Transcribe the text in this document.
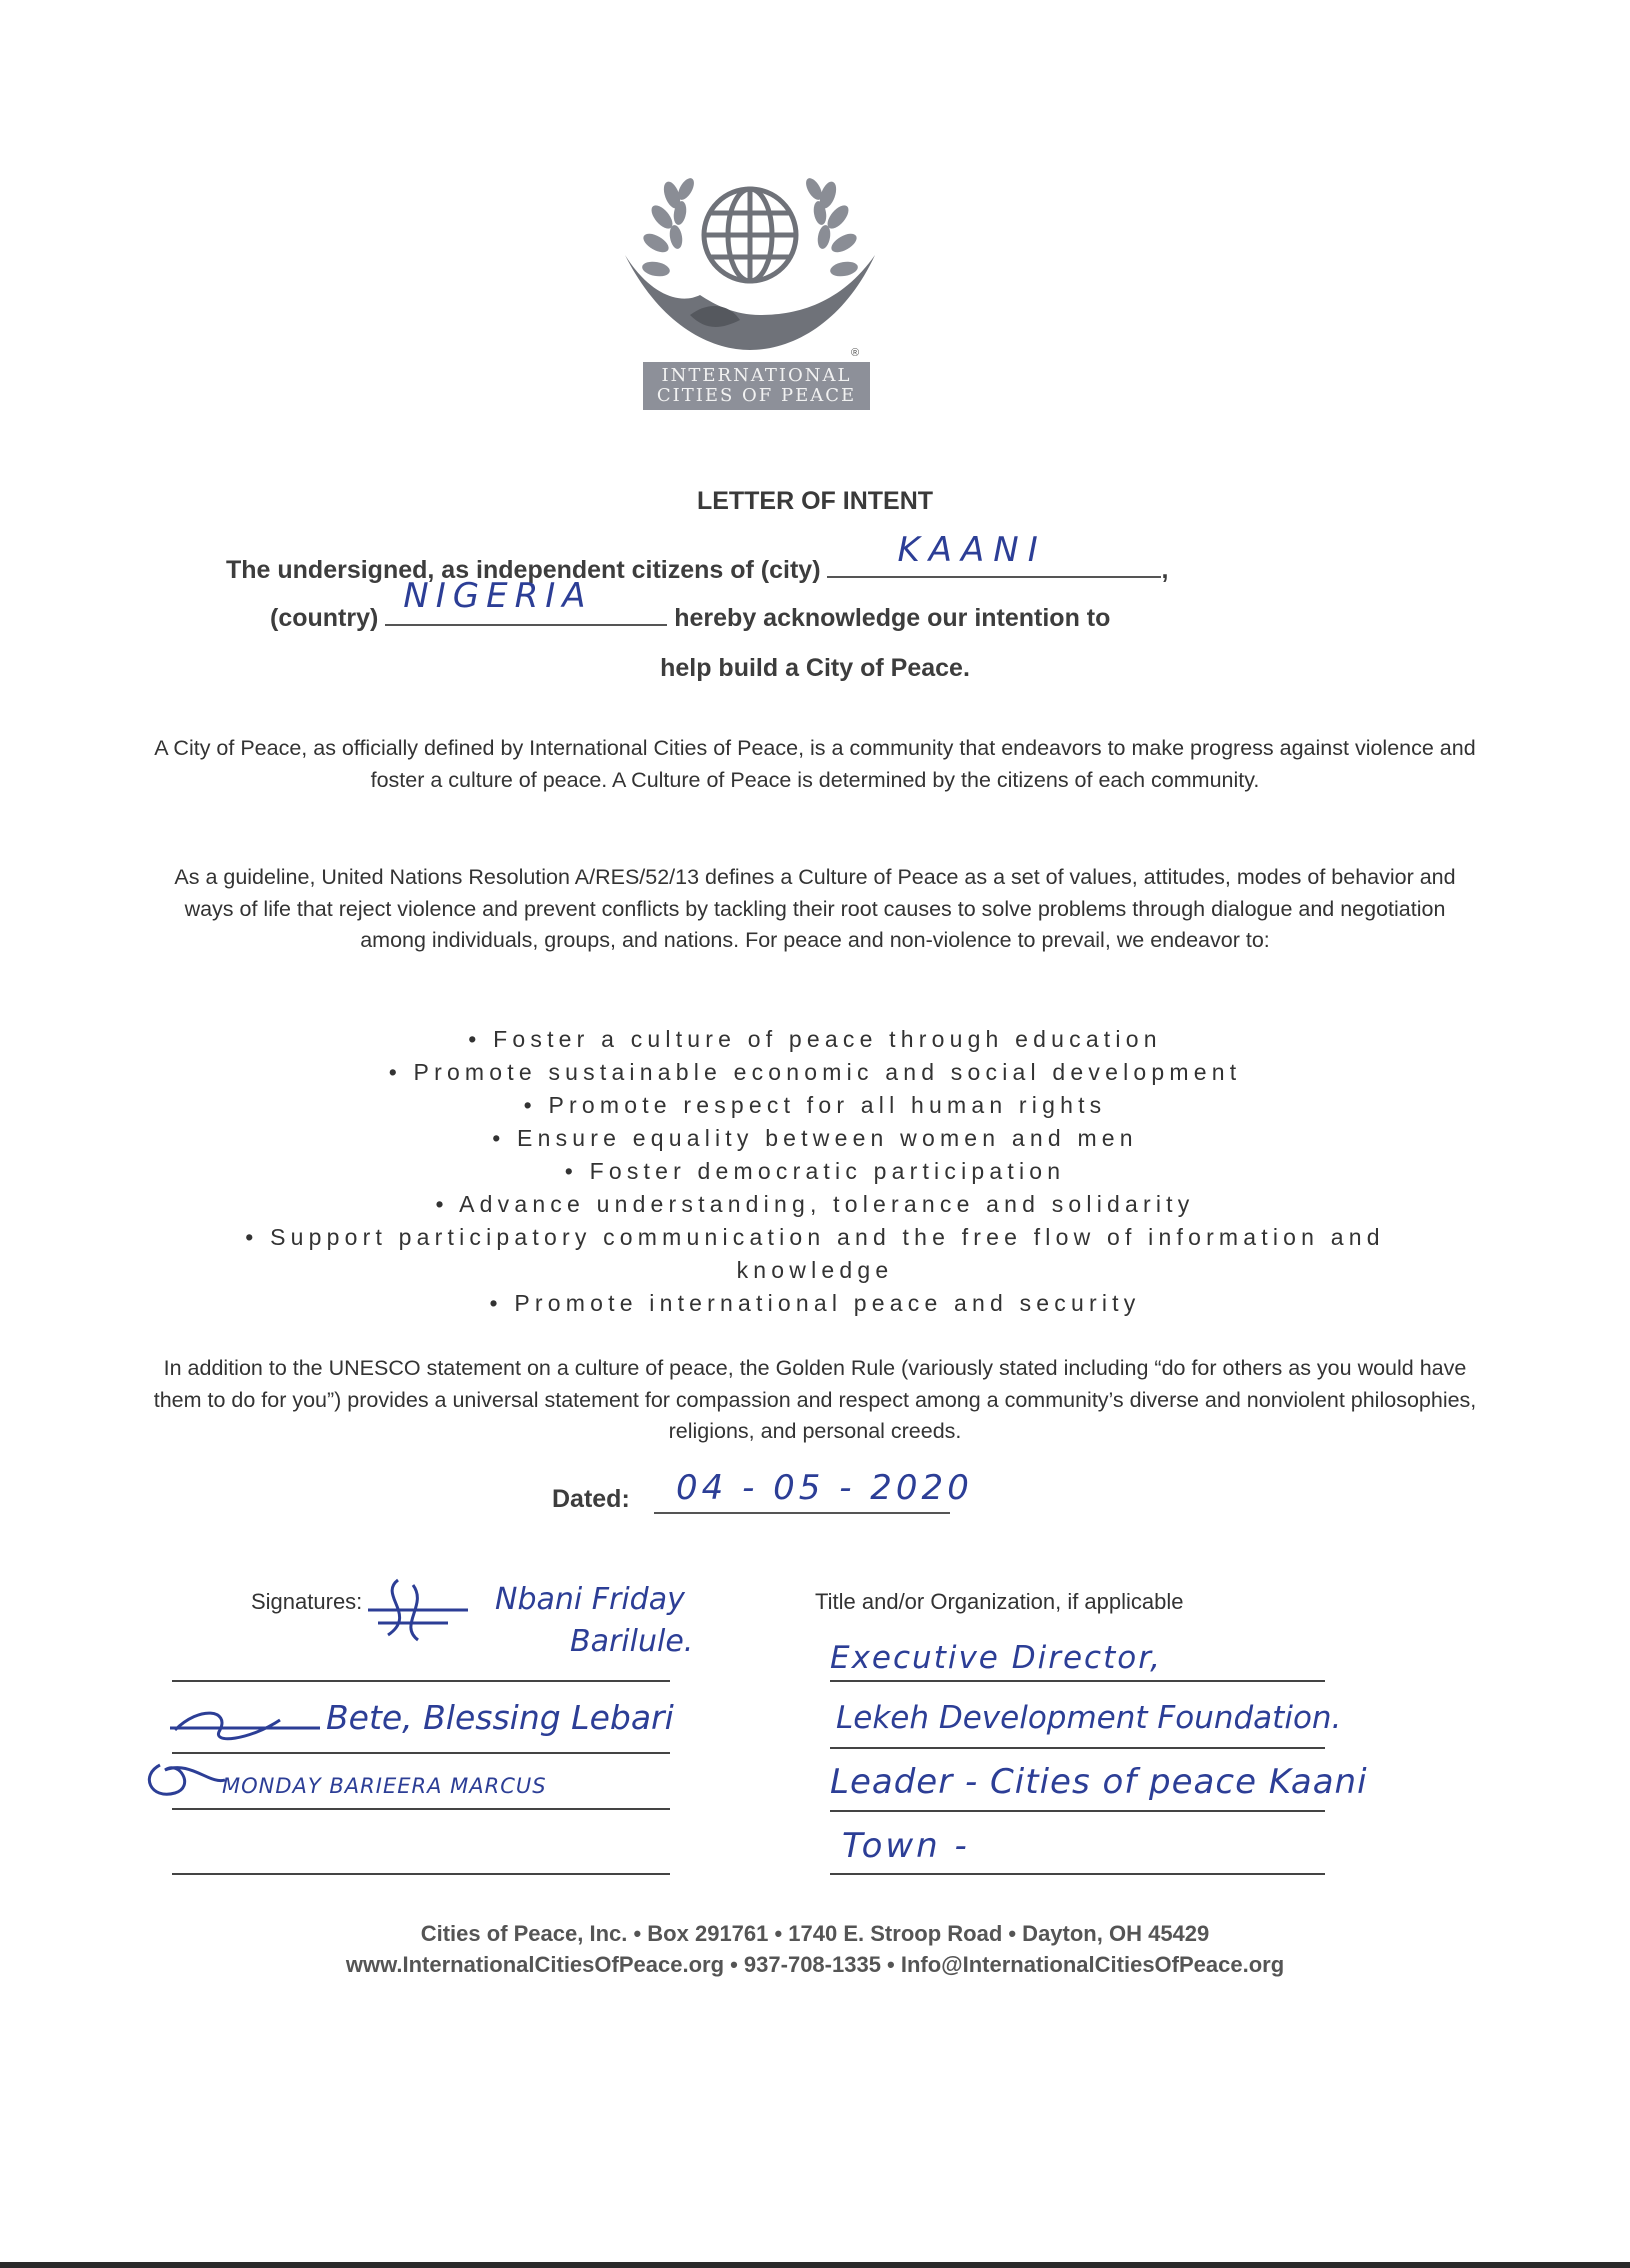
INTERNATIONAL
CITIES OF PEACE
®
LETTER OF INTENT
The undersigned, as independent citizens of (city) KAANI	,
(country)
NIGERIA
hereby acknowledge our intention to
help build a City of Peace.
A City of Peace, as officially defined by International Cities of Peace, is a community that endeavors to make progress against violence and foster a culture of peace. A Culture of Peace is determined by the citizens of each community.
As a guideline, United Nations Resolution A/RES/52/13 defines a Culture of Peace as a set of values, attitudes, modes of behavior and ways of life that reject violence and prevent conflicts by tackling their root causes to solve problems through dialogue and negotiation among individuals, groups, and nations. For peace and non-violence to prevail, we endeavor to:
• Foster a culture of peace through education
• Promote sustainable economic and social development
• Promote respect for all human rights
• Ensure equality between women and men
• Foster democratic participation
• Advance understanding, tolerance and solidarity
• Support participatory communication and the free flow of information and knowledge
• Promote international peace and security
In addition to the UNESCO statement on a culture of peace, the Golden Rule (variously stated including “do for others as you would have them to do for you”) provides a universal statement for compassion and respect among a community’s diverse and nonviolent philosophies, religions, and personal creeds.
Dated: 04 - 05 - 2020
Signatures:	Nbani Friday
Barilule.
Bete, Blessing Lebari
MONDAY BARIEERA MARCUS
Title and/or Organization, if applicable
Executive Director,
Lekeh Development Foundation.
Leader - Cities of peace Kaani
Town -
Cities of Peace, Inc. • Box 291761 • 1740 E. Stroop Road • Dayton, OH 45429
www.InternationalCitiesOfPeace.org • 937-708-1335 • Info@InternationalCitiesOfPeace.org
